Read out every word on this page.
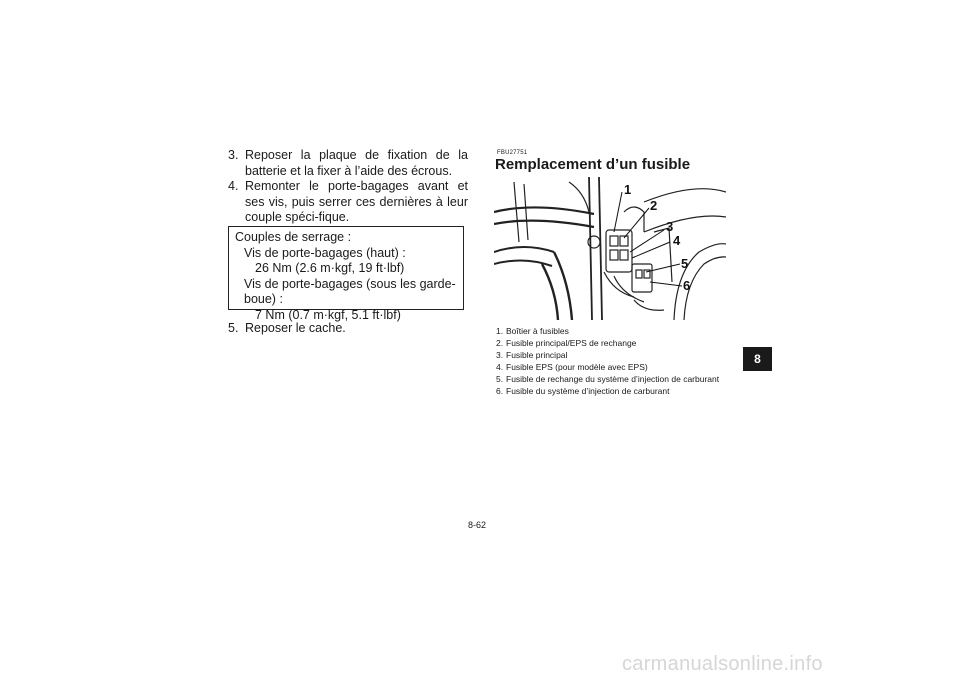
3. Reposer la plaque de fixation de la batterie et la fixer à l’aide des écrous.
4. Remonter le porte-bagages avant et ses vis, puis serrer ces dernières à leur couple spéci-fique.
Couples de serrage :
Vis de porte-bagages (haut) :
26 Nm (2.6 m·kgf, 19 ft·lbf)
Vis de porte-bagages (sous les garde-
boue) :
7 Nm (0.7 m·kgf, 5.1 ft·lbf)
5. Reposer le cache.
FBU27751
Remplacement d’un fusible
1
2
3
4
5
6
1. Boîtier à fusibles
2. Fusible principal/EPS de rechange
3. Fusible principal
4. Fusible EPS (pour modèle avec EPS)
5. Fusible de rechange du système d’injection de carburant
6. Fusible du système d’injection de carburant
8
8-62
carmanualsonline.info
